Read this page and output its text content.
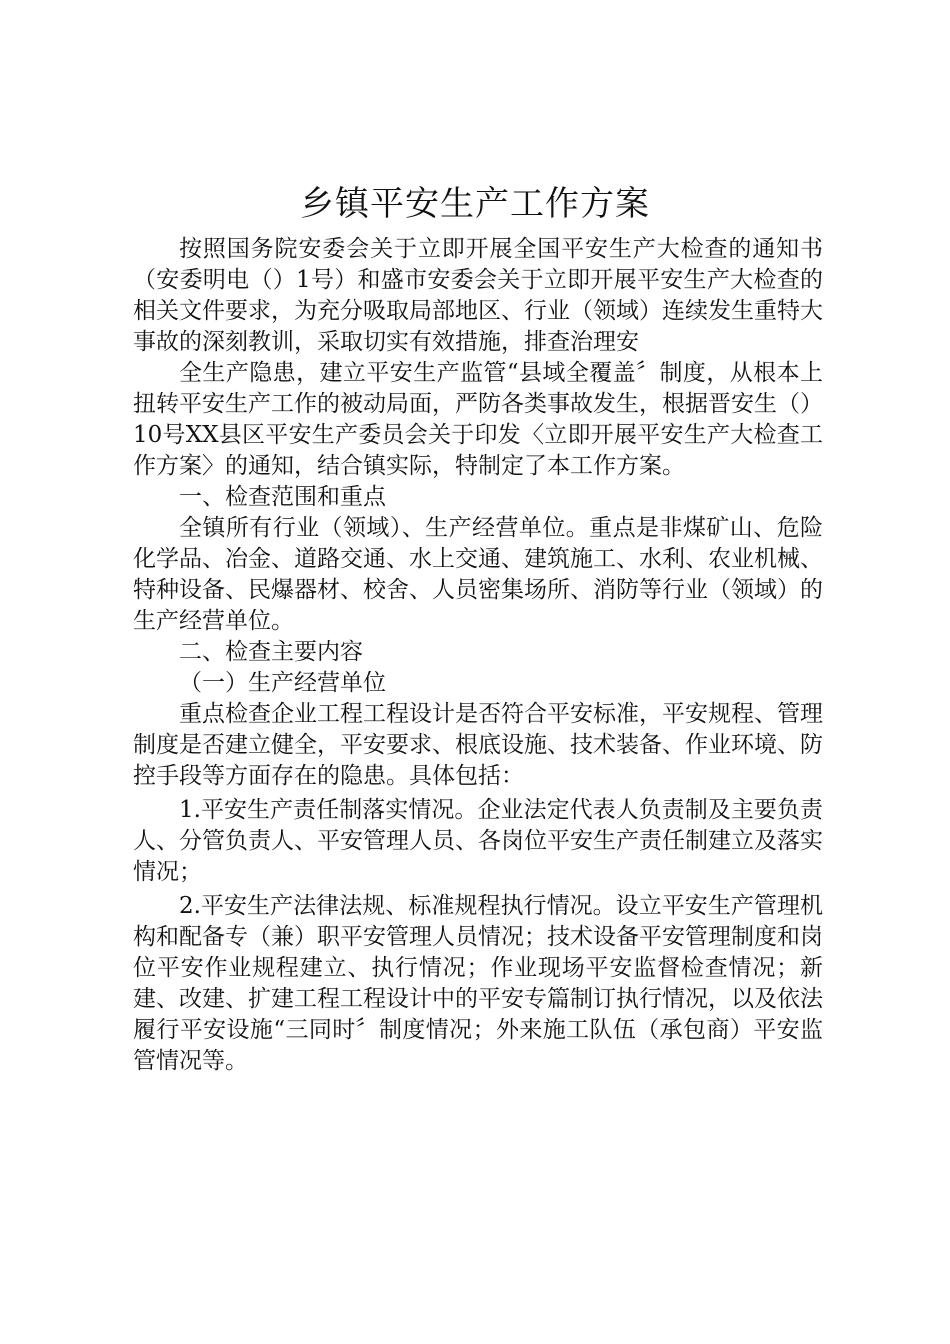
乡镇平安生产工作方案

按照国务院安委会关于立即开展全国平安生产大检查的通知书（安委明电（）1号）和盛市安委会关于立即开展平安生产大检查的相关文件要求，为充分吸取局部地区、行业（领域）连续发生重特大事故的深刻教训，采取切实有效措施，排查治理安

全生产隐患，建立平安生产监管“县域全覆盖〞制度，从根本上扭转平安生产工作的被动局面，严防各类事故发生，根据晋安生（）10号XX县区平安生产委员会关于印发〈立即开展平安生产大检查工作方案〉的通知，结合镇实际，特制定了本工作方案。

一、检查范围和重点

全镇所有行业（领域）、生产经营单位。重点是非煤矿山、危险化学品、冶金、道路交通、水上交通、建筑施工、水利、农业机械、特种设备、民爆器材、校舍、人员密集场所、消防等行业（领域）的生产经营单位。

二、检查主要内容

（一）生产经营单位

重点检查企业工程工程设计是否符合平安标准，平安规程、管理制度是否建立健全，平安要求、根底设施、技术装备、作业环境、防控手段等方面存在的隐患。具体包括：

1.平安生产责任制落实情况。企业法定代表人负责制及主要负责人、分管负责人、平安管理人员、各岗位平安生产责任制建立及落实情况；

2.平安生产法律法规、标准规程执行情况。设立平安生产管理机构和配备专（兼）职平安管理人员情况；技术设备平安管理制度和岗位平安作业规程建立、执行情况；作业现场平安监督检查情况；新建、改建、扩建工程工程设计中的平安专篇制订执行情况，以及依法履行平安设施“三同时〞制度情况；外来施工队伍（承包商）平安监管情况等。
